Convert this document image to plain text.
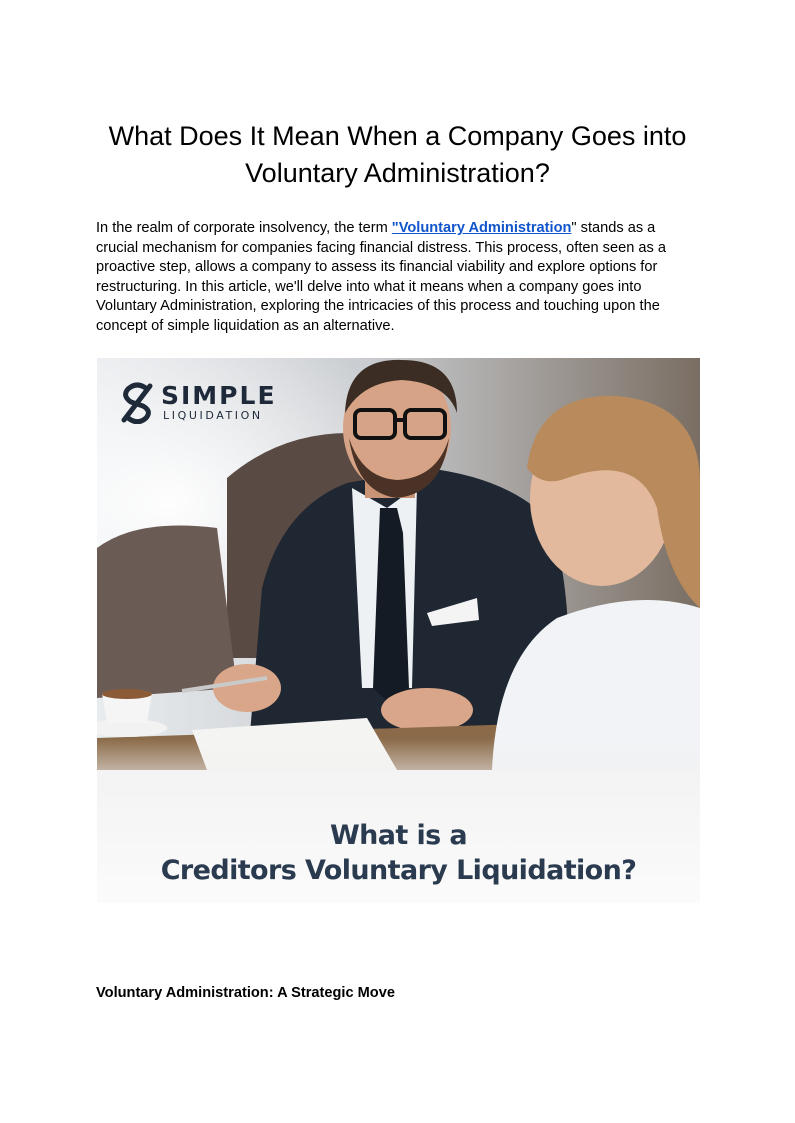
What Does It Mean When a Company Goes into Voluntary Administration?

In the realm of corporate insolvency, the term "Voluntary Administration" stands as a crucial mechanism for companies facing financial distress. This process, often seen as a proactive step, allows a company to assess its financial viability and explore options for restructuring. In this article, we'll delve into what it means when a company goes into Voluntary Administration, exploring the intricacies of this process and touching upon the concept of simple liquidation as an alternative.

SIMPLE
LIQUIDATION
What is a
Creditors Voluntary Liquidation?

Voluntary Administration: A Strategic Move
